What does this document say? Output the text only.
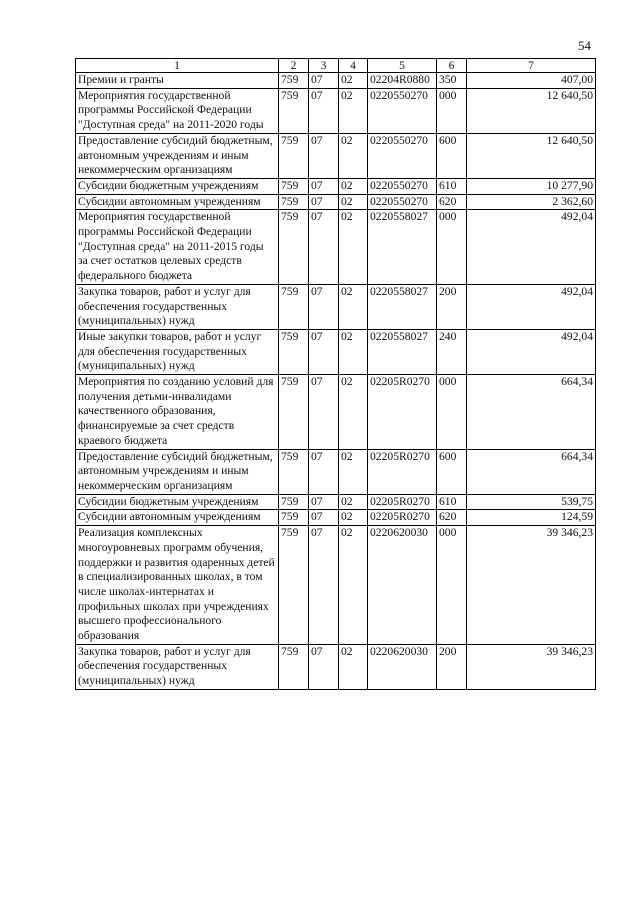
54
1	2	3	4	5	6	7
Премии и гранты	759	07	02	02204R0880	350	407,00
Мероприятия государственной программы Российской Федерации "Доступная среда" на 2011-2020 годы	759	07	02	0220550270	000	12 640,50
Предоставление субсидий бюджетным, автономным учреждениям и иным некоммерческим организациям	759	07	02	0220550270	600	12 640,50
Субсидии бюджетным учреждениям	759	07	02	0220550270	610	10 277,90
Субсидии автономным учреждениям	759	07	02	0220550270	620	2 362,60
Мероприятия государственной программы Российской Федерации "Доступная среда" на 2011-2015 годы за счет остатков целевых средств федерального бюджета	759	07	02	0220558027	000	492,04
Закупка товаров, работ и услуг для обеспечения государственных (муниципальных) нужд	759	07	02	0220558027	200	492,04
Иные закупки товаров, работ и услуг для обеспечения государственных (муниципальных) нужд	759	07	02	0220558027	240	492,04
Мероприятия по созданию условий для получения детьми-инвалидами качественного образования, финансируемые за счет средств краевого бюджета	759	07	02	02205R0270	000	664,34
Предоставление субсидий бюджетным, автономным учреждениям и иным некоммерческим организациям	759	07	02	02205R0270	600	664,34
Субсидии бюджетным учреждениям	759	07	02	02205R0270	610	539,75
Субсидии автономным учреждениям	759	07	02	02205R0270	620	124,59
Реализация комплексных многоуровневых программ обучения, поддержки и развития одаренных детей в специализированных школах, в том числе школах-интернатах и профильных школах при учреждениях высшего профессионального образования	759	07	02	0220620030	000	39 346,23
Закупка товаров, работ и услуг для обеспечения государственных (муниципальных) нужд	759	07	02	0220620030	200	39 346,23
